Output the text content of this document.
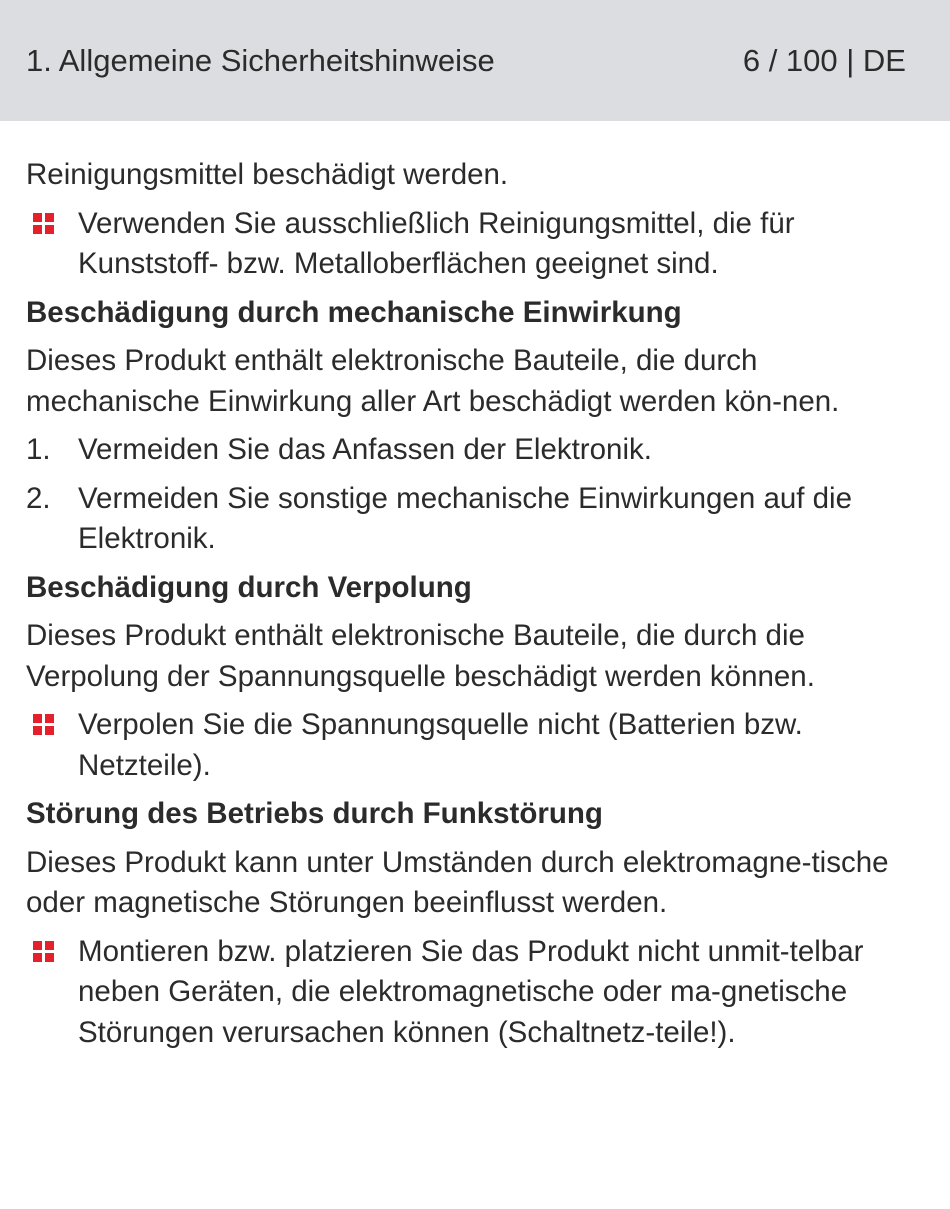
1. Allgemeine Sicherheitshinweise	6 / 100 | DE

Reinigungsmittel beschädigt werden.

Verwenden Sie ausschließlich Reinigungsmittel, die für Kunststoff- bzw. Metalloberflächen geeignet sind.
Beschädigung durch mechanische Einwirkung

Dieses Produkt enthält elektronische Bauteile, die durch mechanische Einwirkung aller Art beschädigt werden kön-nen.

1. Vermeiden Sie das Anfassen der Elektronik.
2. Vermeiden Sie sonstige mechanische Einwirkungen auf die Elektronik.
Beschädigung durch Verpolung

Dieses Produkt enthält elektronische Bauteile, die durch die Verpolung der Spannungsquelle beschädigt werden können.

Verpolen Sie die Spannungsquelle nicht (Batterien bzw. Netzteile).
Störung des Betriebs durch Funkstörung

Dieses Produkt kann unter Umständen durch elektromagne-tische oder magnetische Störungen beeinflusst werden.

Montieren bzw. platzieren Sie das Produkt nicht unmit-telbar neben Geräten, die elektromagnetische oder ma-gnetische Störungen verursachen können (Schaltnetz-teile!).
